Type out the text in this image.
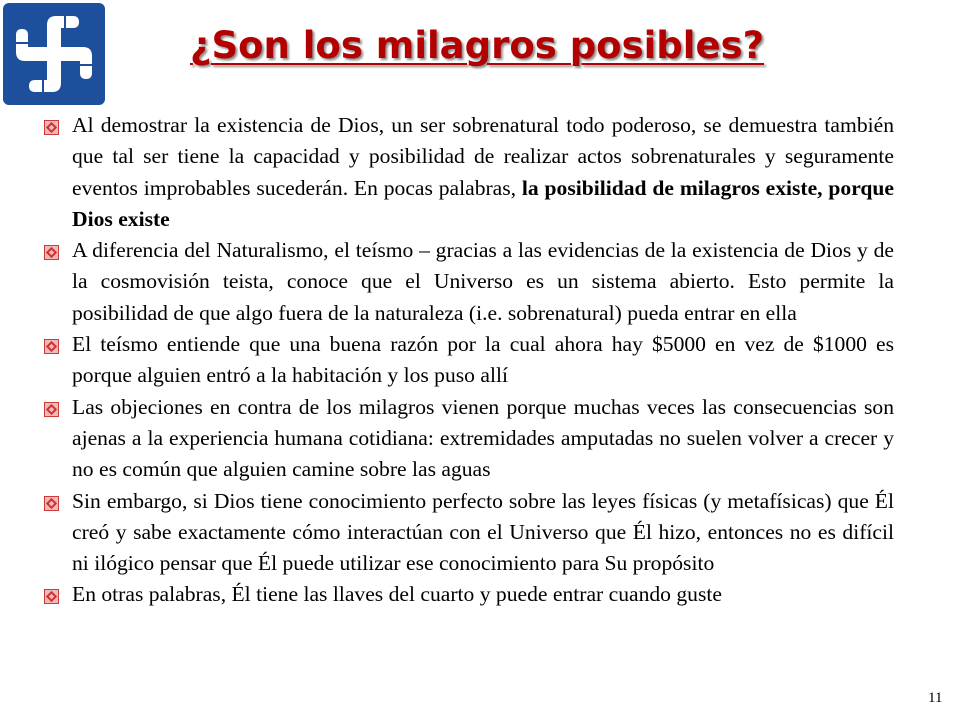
¿Son los milagros posibles?

Al demostrar la existencia de Dios, un ser sobrenatural todo poderoso, se demuestra también que tal ser tiene la capacidad y posibilidad de realizar actos sobrenaturales y seguramente eventos improbables sucederán. En pocas palabras, la posibilidad de milagros existe, porque Dios existe

A diferencia del Naturalismo, el teísmo – gracias a las evidencias de la existencia de Dios y de la cosmovisión teista, conoce que el Universo es un sistema abierto. Esto permite la posibilidad de que algo fuera de la naturaleza (i.e. sobrenatural) pueda entrar en ella

El teísmo entiende que una buena razón por la cual ahora hay $5000 en vez de $1000 es porque alguien entró a la habitación y los puso allí

Las objeciones en contra de los milagros vienen porque muchas veces las consecuencias son ajenas a la experiencia humana cotidiana: extremidades amputadas no suelen volver a crecer y no es común que alguien camine sobre las aguas

Sin embargo, si Dios tiene conocimiento perfecto sobre las leyes físicas (y metafísicas) que Él creó y sabe exactamente cómo interactúan con el Universo que Él hizo, entonces no es difícil ni ilógico pensar que Él puede utilizar ese conocimiento para Su propósito

En otras palabras, Él tiene las llaves del cuarto y puede entrar cuando guste

11
